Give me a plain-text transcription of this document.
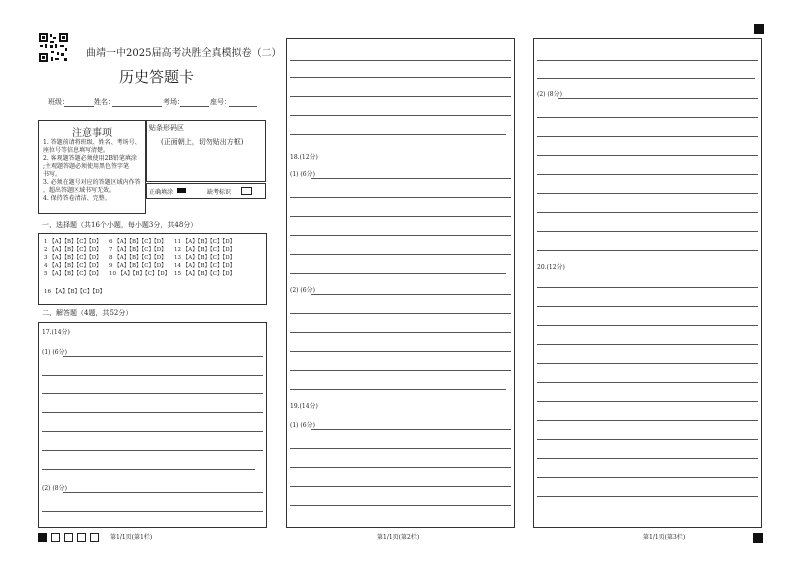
曲靖一中2025届高考决胜全真模拟卷（二）
历史答题卡
班级：	姓名：	考场：	座号：
注意事项
1. 答题前请将班级、姓名、考场号、
座位号等信息填写清楚。
2. 客观题答题必须使用2B铅笔填涂
;主观题答题必须使用黑色签字笔
书写。
3. 必须在题号对应的答题区域内作答
，超出答题区域书写无效。
4. 保持答卷清洁、完整。
贴条形码区
(正面朝上，切勿贴出方框)
正确填涂	缺考标识
一、选择题（共16个小题，每小题3分，共48分）
1 【A】【B】【C】【D】 6 【A】【B】【C】【D】 11 【A】【B】【C】【D】
2 【A】【B】【C】【D】 7 【A】【B】【C】【D】 12 【A】【B】【C】【D】
3 【A】【B】【C】【D】 8 【A】【B】【C】【D】 13 【A】【B】【C】【D】
4 【A】【B】【C】【D】 9 【A】【B】【C】【D】 14 【A】【B】【C】【D】
5 【A】【B】【C】【D】 10 【A】【B】【C】【D】 15 【A】【B】【C】【D】
16 【A】【B】【C】【D】
二、解答题（4题，共52分）
17.(14分)
(1) (6分)
(2) (8分)
18.(12分)
(1) (6分)
(2) (6分)
19.(14分)
(1) (6分)
(2) (8分)
20.(12分)
第1/1页(第1栏)	第1/1页(第2栏)	第1/1页(第3栏)
